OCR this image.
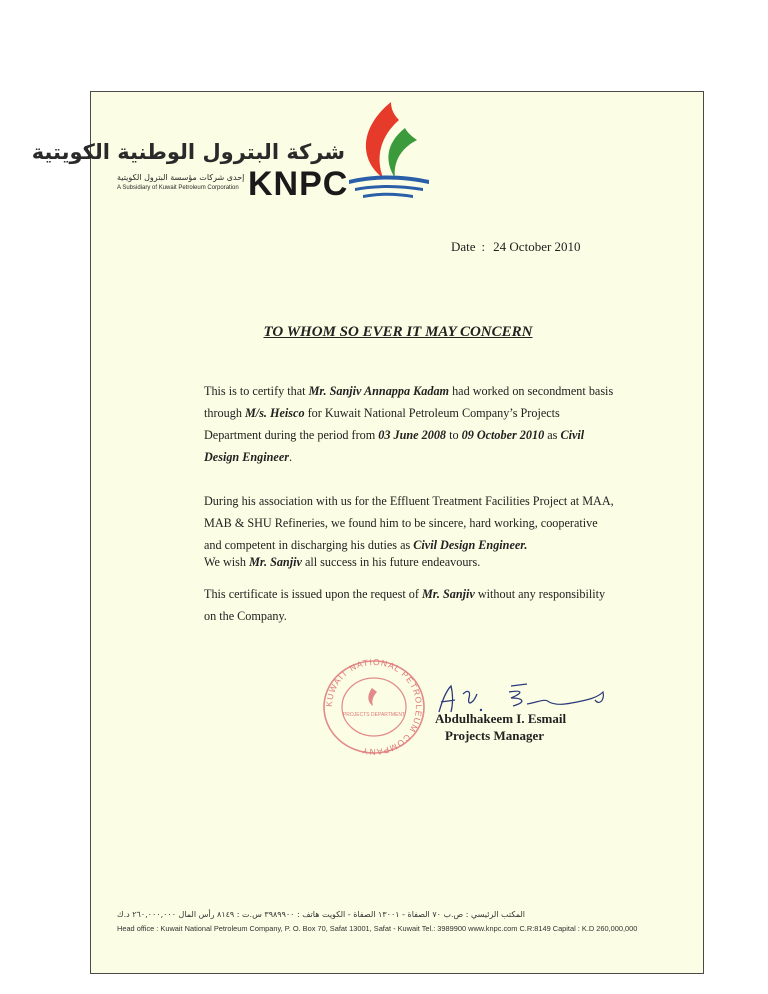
شركة البترول الوطنية الكويتية
إحدى شركات مؤسسة البترول الكويتية
A Subsidiary of Kuwait Petroleum Corporation KNPC
Date : 24 October 2010
TO WHOM SO EVER IT MAY CONCERN
This is to certify that Mr. Sanjiv Annappa Kadam had worked on secondment basis through M/s. Heisco for Kuwait National Petroleum Company’s Projects Department during the period from 03 June 2008 to 09 October 2010 as Civil Design Engineer.
During his association with us for the Effluent Treatment Facilities Project at MAA, MAB & SHU Refineries, we found him to be sincere, hard working, cooperative and competent in discharging his duties as Civil Design Engineer.
We wish Mr. Sanjiv all success in his future endeavours.
This certificate is issued upon the request of Mr. Sanjiv without any responsibility on the Company.
KUWAIT NATIONAL PETROLEUM COMPANY
PROJECTS DEPARTMENT Abdulhakeem I. Esmail
Projects Manager
المكتب الرئيسي : ص.ب ٧٠ الصفاة - ١٣٠٠١ الصفاة - الكويت هاتف : ٣٩٨٩٩٠٠ س.ت : ٨١٤٩ رأس المال ٢٦٠,٠٠٠,٠٠٠ د.ك
Head office : Kuwait National Petroleum Company, P. O. Box 70, Safat 13001, Safat - Kuwait Tel.: 3989900 www.knpc.com C.R:8149 Capital : K.D 260,000,000
